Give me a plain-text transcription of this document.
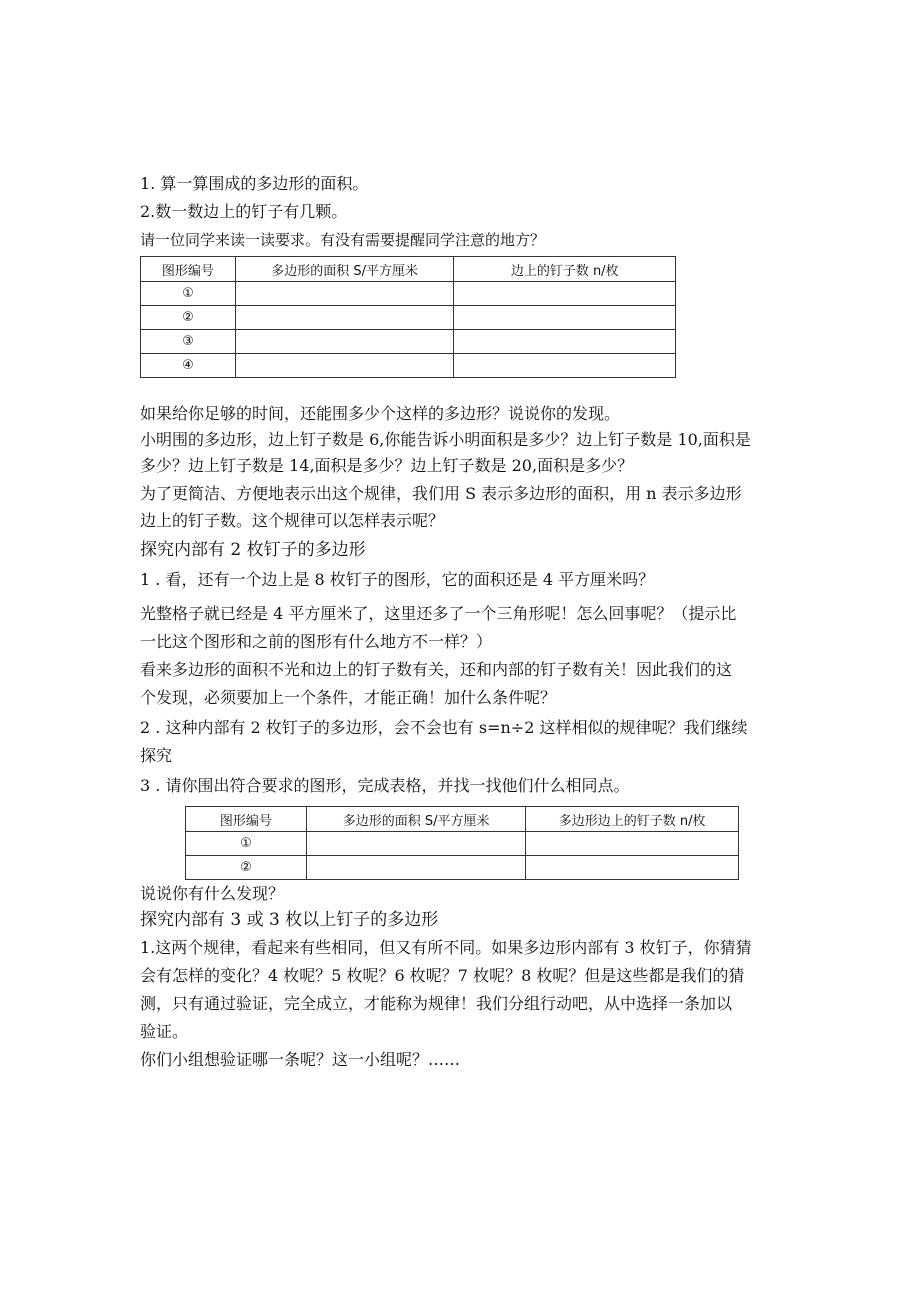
1. 算一算围成的多边形的面积。
2.数一数边上的钉子有几颗。
请一位同学来读一读要求。有没有需要提醒同学注意的地方？
图形编号	多边形的面积 S/平方厘米	边上的钉子数 n/枚
①		
②		
③		
④		
如果给你足够的时间，还能围多少个这样的多边形？说说你的发现。
小明围的多边形，边上钉子数是 6,你能告诉小明面积是多少？边上钉子数是 10,面积是
多少？边上钉子数是 14,面积是多少？边上钉子数是 20,面积是多少？
为了更简洁、方便地表示出这个规律，我们用 S 表示多边形的面积，用 n 表示多边形
边上的钉子数。这个规律可以怎样表示呢？
探究内部有 2 枚钉子的多边形
1 . 看，还有一个边上是 8 枚钉子的图形，它的面积还是 4 平方厘米吗？
光整格子就已经是 4 平方厘米了，这里还多了一个三角形呢！怎么回事呢？（提示比
一比这个图形和之前的图形有什么地方不一样？）
看来多边形的面积不光和边上的钉子数有关，还和内部的钉子数有关！因此我们的这
个发现，必须要加上一个条件，才能正确！加什么条件呢？
2 . 这种内部有 2 枚钉子的多边形，会不会也有 s=n÷2 这样相似的规律呢？我们继续
探究
3 . 请你围出符合要求的图形，完成表格，并找一找他们什么相同点。
图形编号	多边形的面积 S/平方厘米	多边形边上的钉子数 n/枚
①		
②		
说说你有什么发现？
探究内部有 3 或 3 枚以上钉子的多边形
1.这两个规律，看起来有些相同，但又有所不同。如果多边形内部有 3 枚钉子，你猜猜
会有怎样的变化？4 枚呢？5 枚呢？6 枚呢？7 枚呢？8 枚呢？但是这些都是我们的猜
测，只有通过验证，完全成立，才能称为规律！我们分组行动吧，从中选择一条加以
验证。
你们小组想验证哪一条呢？这一小组呢？……
